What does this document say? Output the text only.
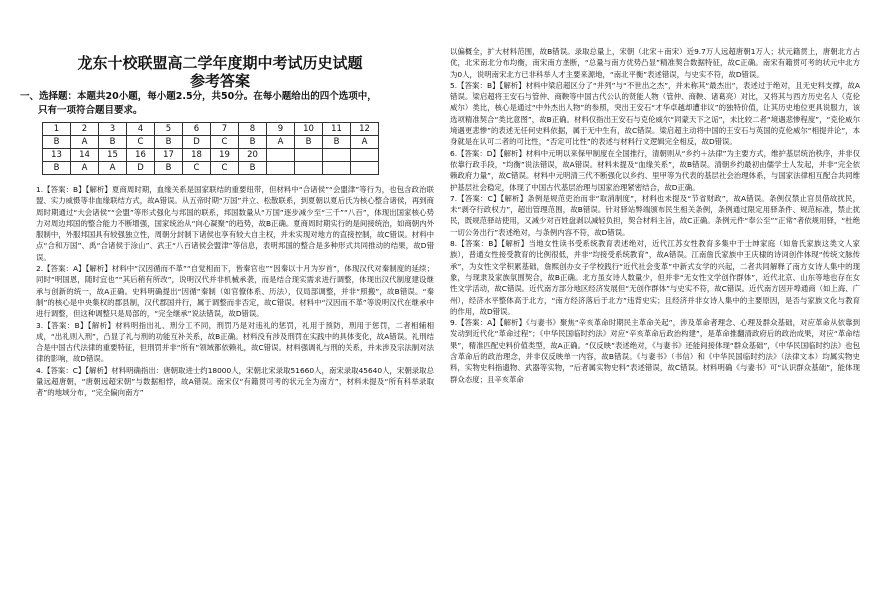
龙东十校联盟高二学年度期中考试历史试题
参考答案
一、选择题：本题共20小题，每小题2.5分，共50分。在每小题给出的四个选项中，
只有一项符合题目要求。
1	2	3	4	5	6	7	8	9	10	11	12
B	A	B	C	B	D	C	B	A	B	B	A
13	14	15	16	17	18	19	20				
B	A	A	D	B	C	C	B				

1.【答案：B】【解析】夏商周时期，血缘关系是国家联结的重要纽带，但材料中“合诸侯”“会盟津”等行为，也包含政治联盟、实力威慑等非血缘联结方式，故A错误。从五帝时期“万国”并立、松散联系，到夏朝以夏后氏为核心整合诸侯，再到商周时期通过“大会诸侯”“会盟”等形式强化与邦国的联系，邦国数量从“万国”逐步减少至“三千”“八百”，体现出国家核心势力对周边邦国的整合能力不断增强，国家统治从“向心凝聚”的趋势，故B正确。夏商周时期实行的是间接统治，如商朝内外服制中，外服邦国具有较强独立性，周朝分封制下诸侯也享有较大自主权，并未实现对地方的直接控制，故C错误。材料中点“合和万国”、禹“合诸侯于涂山”、武王“八百诸侯会盟津”等信息，表明邦国的整合是多种形式共同推动的结果，故D错误。

2.【答案：A】【解析】材料中“汉因循而不革”“自觉相而下，皆秦官也”“因秦以十月为岁首”，体现汉代对秦制度的延续；同时“明国恩，随时宜也”“其后稍有所改”，说明汉代并非机械承袭，而是结合现实需求进行调整，体现出汉代制度建设继承与创新的统一，故A正确。史料明确提出“因循”秦制（如官僚体系、历法），仅局部调整，并非“照搬”，故B错误。“秦制”的核心是中央集权的郡县制，汉代郡国并行，属于调整而非否定，故C错误。材料中“汉因而不革”等说明汉代在继承中进行调整，但这种调整只是局部的，“完全继承”说法错误，故D错误。

3.【答案：B】【解析】材料明指出礼、刑分工不同，刑罚乃是对违礼的惩罚，礼用于预防，刑用于惩罚，二者相辅相成，“出礼则入刑”，凸显了礼与刑的功能互补关系，故B正确。材料没有涉及刑罚在实践中的具体变化，故A错误。礼刑结合是中国古代法律的重要特征，但刑罚并非“所有”领域都依赖礼，故C错误。材料强调礼与刑的关系，并未涉及宗法制对法律的影响，故D错误。

4.【答案：C】【解析】材料明确指出：唐朝取进士约18000人，宋朝北宋录取51660人，南宋录取45640人，宋朝录取总量远超唐朝，“唐朝远超宋朝”与数据相悖，故A错误。南宋仅“有籍贯可考的状元全为南方”，材料未提及“所有科举录取者”的地域分布，“完全偏向南方”

以偏概全，扩大材料范围，故B错误。录取总量上，宋朝（北宋＋南宋）近9.7万人远超唐朝1万人；状元籍贯上，唐朝北方占优，北宋南北分布均衡，南宋南方垄断，“总量与南方优势凸显”精准契合数据特征，故C正确。南宋有籍贯可考的状元中北方为0人，说明南宋北方已非科举人才主要来源地，“南北平衡”表述错误，与史实不符，故D错误。

5.【答案：B】【解析】材料中梁启超区分了“并列”与“不世出之杰”，并未称其“最杰出”，表述过于绝对，且无史料支撑，故A错误。梁启超将王安石与管仲、商鞅等中国古代公认的贤能人物（管仲、商鞅、诸葛亮）对比，又将其与西方历史名人（克伦威尔）类比，核心是通过“中外杰出人物”的参照，突出王安石“才华卓越却遭非议”的独特价值，让其历史地位更具说服力，该选项精准契合“类比意图”，故B正确。材料仅指出王安石与克伦威尔“同蒙天下之诟”，未比较二者“境遇悲惨程度”，“克伦威尔境遇更悲惨”的表述无任何史料依据，属于无中生有，故C错误。梁启超主动将中国的王安石与英国的克伦威尔“相提并论”，本身就是在认可二者的可比性，“否定可比性”的表述与材料行文逻辑完全相反，故D错误。

6.【答案：D】【解析】材料中元明以来保甲制度在全国推行，清朝则从“乡约＋法律”为主要方式，维护基层统治秩序，并非仅依靠行政手段，“均衡”说法错误，故A错误。材料未提及“血缘关系”，故B错误。清朝乡约最初由儒学士人发起，并非“完全依赖政府力量”，故C错误。材料中元明清三代不断强化以乡约、里甲等为代表的基层社会治理体系，与国家法律相互配合共同维护基层社会稳定，体现了中国古代基层治理与国家治理紧密结合，故D正确。

7.【答案：C】【解析】条例是规范吏治而非“取消制度”，材料也未提及“节省财政”，故A错误。条例仅禁止官员借故扰民，未“剥夺行政权力”，超出管理范围，故B错误。针对驿站弊端颁布民生相关条例，条例通过限定用驿条件、规范标准，禁止扰民，既规范驿站使用，又减少对百姓盘剥以减轻负担，契合材料主旨，故C正确。条例元件“奉公至”“正常”者依规用驿，“杜绝一切公务出行”表述绝对，与条例内容不符，故D错误。

8.【答案：B】【解析】当地女性读书受系统教育表述绝对，近代江苏女性教育多集中于士绅家庭（如詹氏家族这类文人家族），普通女性接受教育的比例很低，并非“均接受系统教育”，故A错误。江南詹氏家族中王庆棣的诗词创作体现“传统文脉传承”，为女性文学积累基础，詹熙创办女子学校践行“近代社会变革”中新式女学的兴起，二者共同解释了南方女诗人集中的现象，与现隶及家族氛围契合，故B正确。北方虽女诗人数量少，但并非“无女性文学创作群体”，近代北京、山东等地也存在女性文学活动，故C错误。近代南方部分地区经济发展但“无创作群体”与史实不符，故C错误。近代南方因开埠通商（如上海、广州），经济水平整体高于北方，“南方经济落后于北方”违背史实；且经济并非女诗人集中的主要原因，是否与家族文化与教育的作用，故D错误。

9.【答案：A】【解析】《与妻书》聚焦“辛亥革命时期民主革命关起”，涉及革命者理念、心理及群众基础，对应革命从依靠到发动到近代化“革命过程”；《中华民国临时约法》对应“辛亥革命后政治构建”，是革命推翻清政府后的政治成果，对应“革命结果”，精准匹配史料价值类型，故A正确。“仅反映”表述绝对，《与妻书》还能间接体现“群众基础”，《中华民国临时约法》也包含革命后的政治理念，并非仅反映单一内容，故B错误。《与妻书》（书信）和《中华民国临时约法》（法律文本）均属实物史料，实物史料指遗物、武器等实物，“后者属实物史料”表述错误，故C错误。材料明确《与妻书》可“认识群众基础”，能体现群众态度；且辛亥革命
